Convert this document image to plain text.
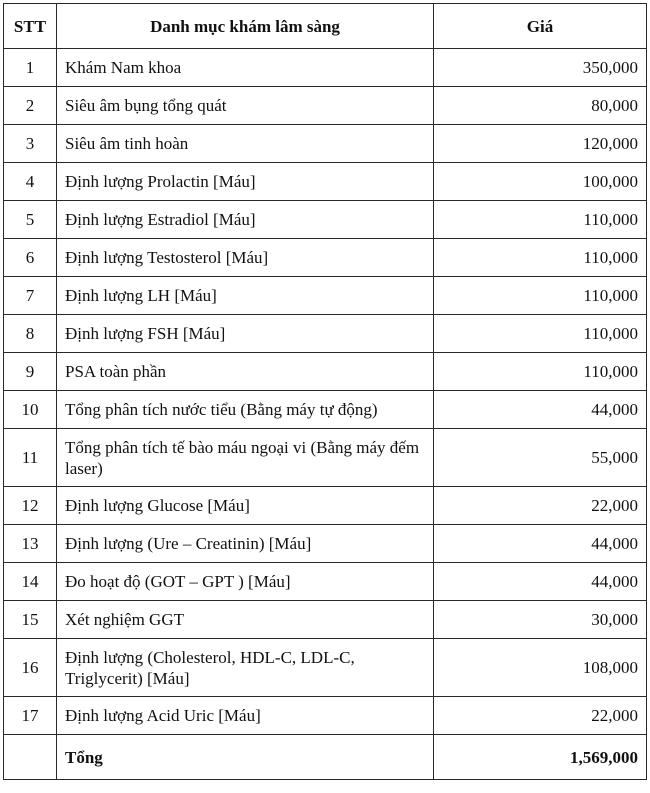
STT	Danh mục khám lâm sàng	Giá
1	Khám Nam khoa	350,000
2	Siêu âm bụng tổng quát	80,000
3	Siêu âm tinh hoàn	120,000
4	Định lượng Prolactin [Máu]	100,000
5	Định lượng Estradiol [Máu]	110,000
6	Định lượng Testosterol [Máu]	110,000
7	Định lượng LH [Máu]	110,000
8	Định lượng FSH [Máu]	110,000
9	PSA toàn phần	110,000
10	Tổng phân tích nước tiểu (Bằng máy tự động)	44,000
11	Tổng phân tích tế bào máu ngoại vi (Bằng máy đếm laser)	55,000
12	Định lượng Glucose [Máu]	22,000
13	Định lượng (Ure – Creatinin) [Máu]	44,000
14	Đo hoạt độ (GOT – GPT ) [Máu]	44,000
15	Xét nghiệm GGT	30,000
16	Định lượng (Cholesterol, HDL-C, LDL-C, Triglycerit) [Máu]	108,000
17	Định lượng Acid Uric [Máu]	22,000
	Tổng	1,569,000
